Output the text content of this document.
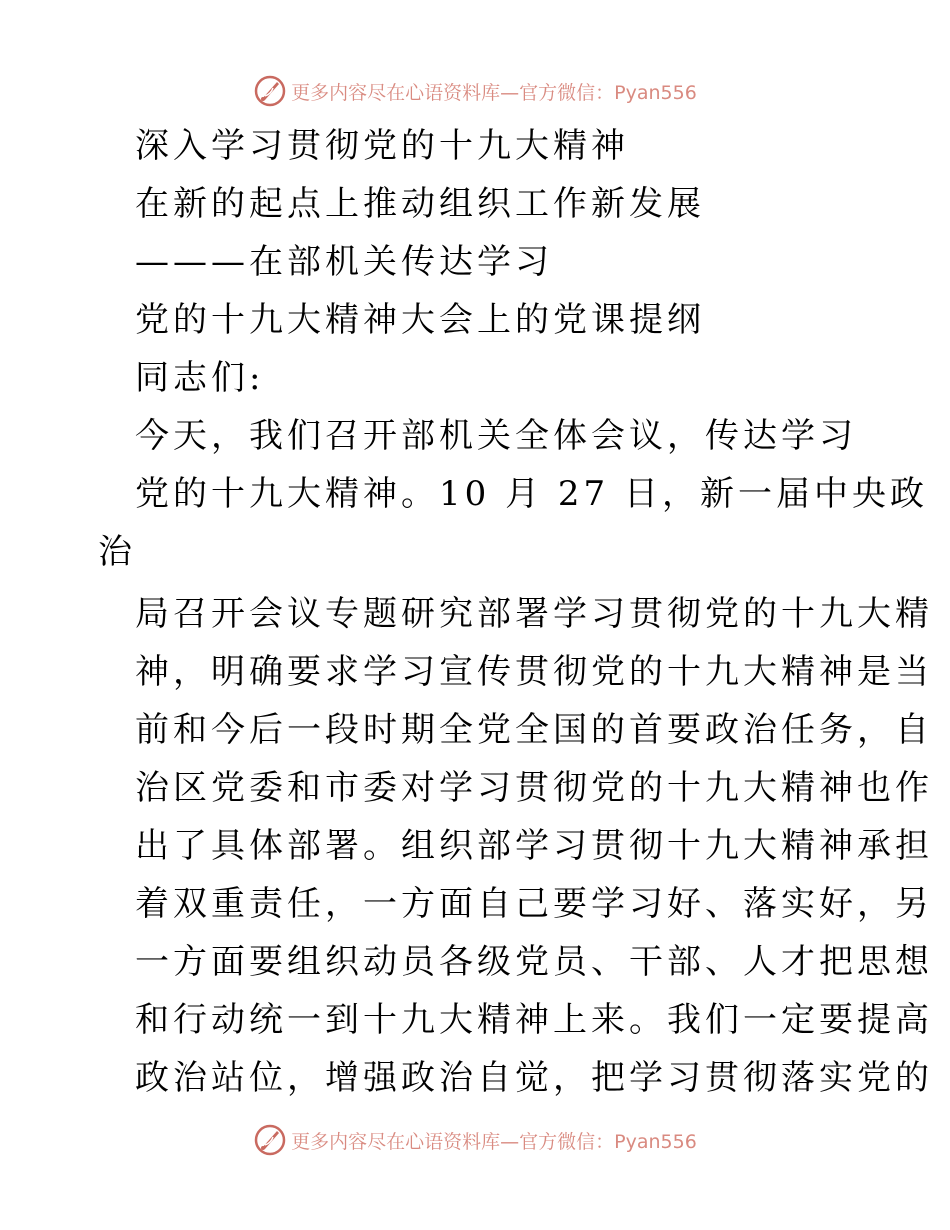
更多内容尽在心语资料库—官方微信：Pyan556
深入学习贯彻党的十九大精神
在新的起点上推动组织工作新发展
———在部机关传达学习
党的十九大精神大会上的党课提纲
同志们:
今天，我们召开部机关全体会议，传达学习
党的十九大精神。10 月 27 日，新一届中央政
治
局召开会议专题研究部署学习贯彻党的十九大精
神，明确要求学习宣传贯彻党的十九大精神是当
前和今后一段时期全党全国的首要政治任务，自
治区党委和市委对学习贯彻党的十九大精神也作
出了具体部署。组织部学习贯彻十九大精神承担
着双重责任，一方面自己要学习好、落实好，另
一方面要组织动员各级党员、干部、人才把思想
和行动统一到十九大精神上来。我们一定要提高
政治站位，增强政治自觉，把学习贯彻落实党的
更多内容尽在心语资料库—官方微信：Pyan556
